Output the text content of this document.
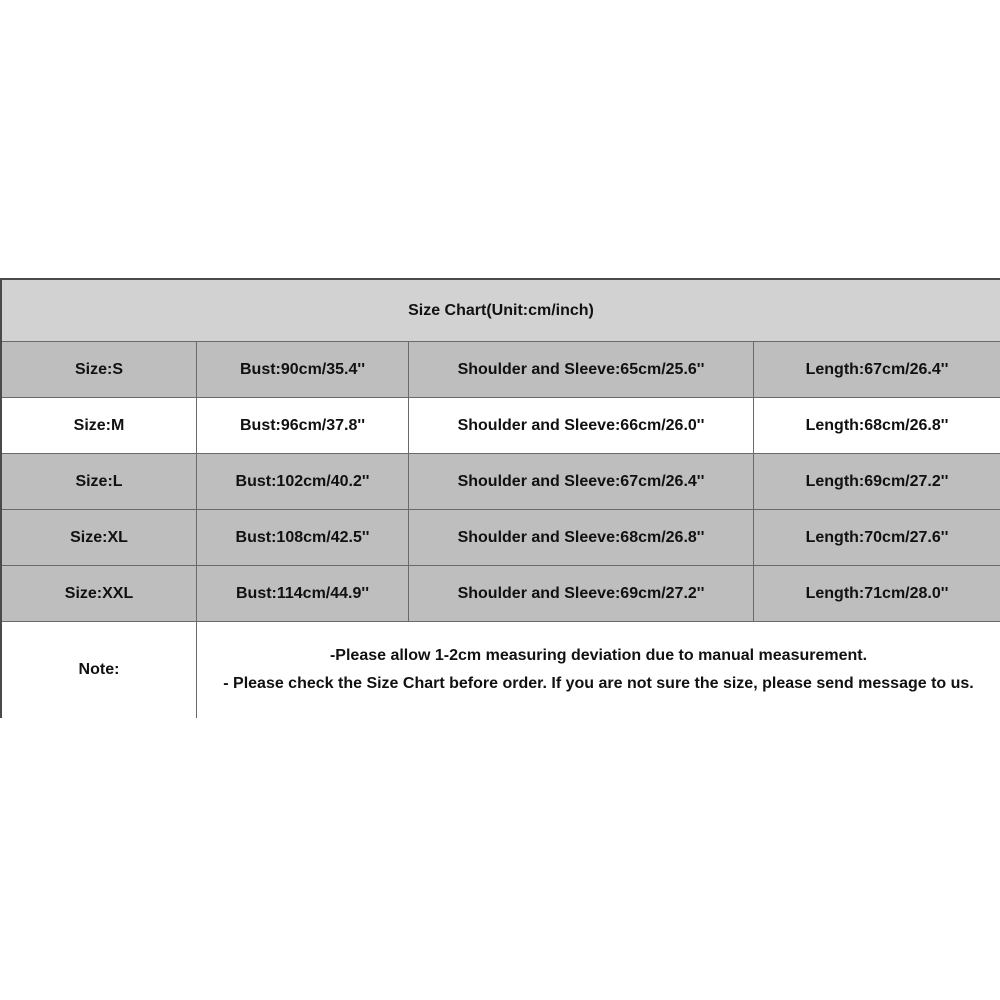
Size Chart(Unit:cm/inch)
Size:S	Bust:90cm/35.4''	Shoulder and Sleeve:65cm/25.6''	Length:67cm/26.4''
Size:M	Bust:96cm/37.8''	Shoulder and Sleeve:66cm/26.0''	Length:68cm/26.8''
Size:L	Bust:102cm/40.2''	Shoulder and Sleeve:67cm/26.4''	Length:69cm/27.2''
Size:XL	Bust:108cm/42.5''	Shoulder and Sleeve:68cm/26.8''	Length:70cm/27.6''
Size:XXL	Bust:114cm/44.9''	Shoulder and Sleeve:69cm/27.2''	Length:71cm/28.0''
Note:
-Please allow 1-2cm measuring deviation due to manual measurement.
- Please check the Size Chart before order. If you are not sure the size, please send message to us.
